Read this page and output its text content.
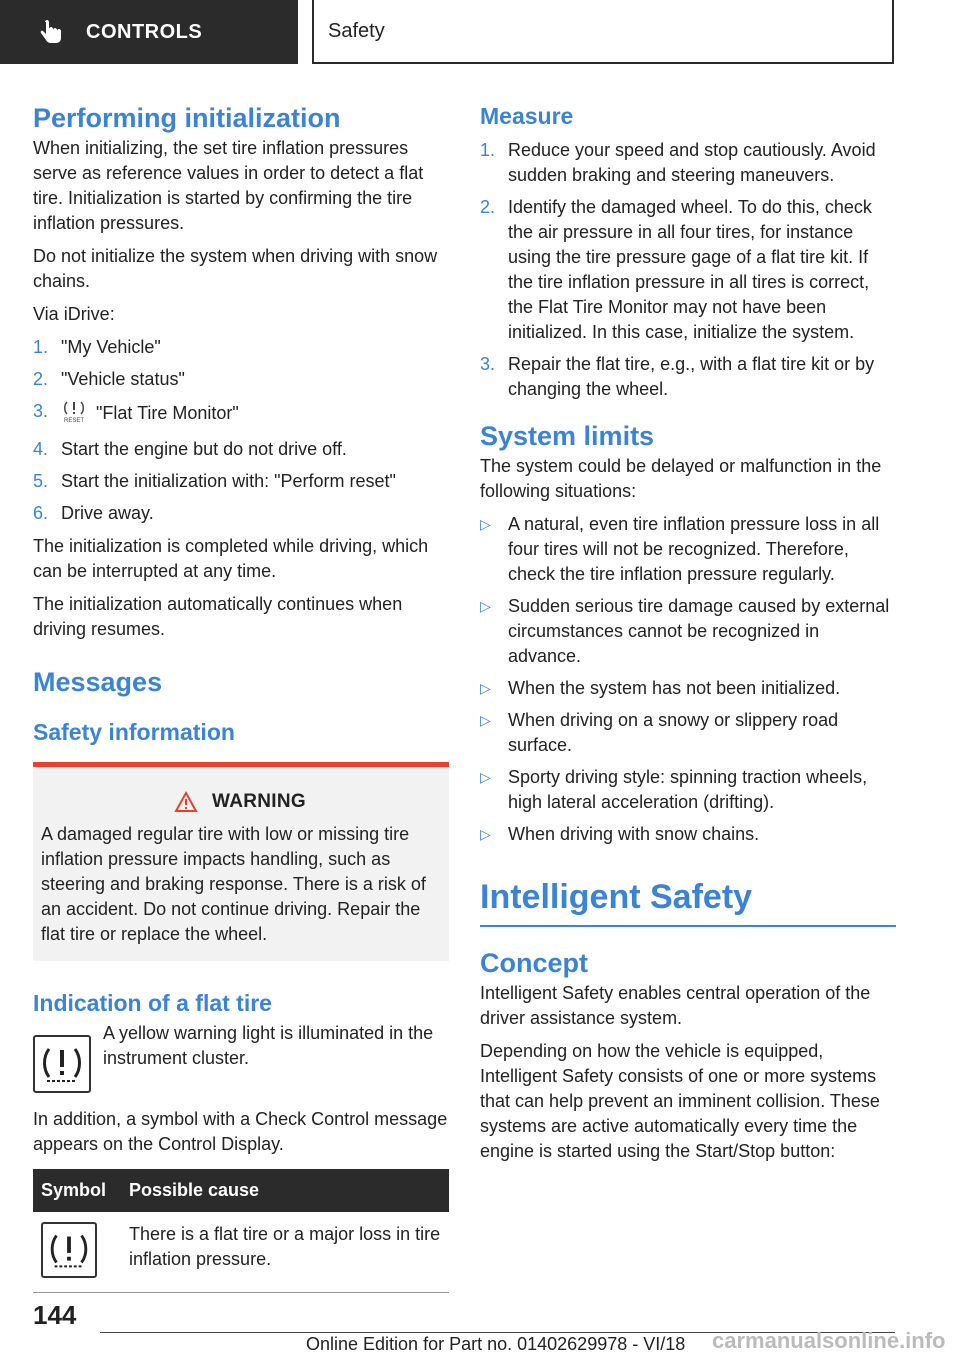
CONTROLS	Safety
Performing initialization

When initializing, the set tire inflation pressures serve as reference values in order to detect a flat tire. Initialization is started by confirming the tire inflation pressures.

Do not initialize the system when driving with snow chains.

Via iDrive:

1. "My Vehicle"
2. "Vehicle status"
3.	RESET "Flat Tire Monitor"
4. Start the engine but do not drive off.
5. Start the initialization with: "Perform reset"
6. Drive away.

The initialization is completed while driving, which can be interrupted at any time.

The initialization automatically continues when driving resumes.

Messages
Safety information
WARNING
A damaged regular tire with low or missing tire inflation pressure impacts handling, such as steering and braking response. There is a risk of an accident. Do not continue driving. Repair the flat tire or replace the wheel.
Indication of a flat tire

A yellow warning light is illuminated in the instrument cluster.

In addition, a symbol with a Check Control message appears on the Control Display.

Symbol	Possible cause

	There is a flat tire or a major loss in tire inflation pressure.
Measure
1. Reduce your speed and stop cautiously. Avoid sudden braking and steering maneuvers.
2. Identify the damaged wheel. To do this, check the air pressure in all four tires, for instance using the tire pressure gage of a flat tire kit. If the tire inflation pressure in all tires is correct, the Flat Tire Monitor may not have been initialized. In this case, initialize the system.
3. Repair the flat tire, e.g., with a flat tire kit or by changing the wheel.
System limits

The system could be delayed or malfunction in the following situations:

▷ A natural, even tire inflation pressure loss in all four tires will not be recognized. Therefore, check the tire inflation pressure regularly.
▷ Sudden serious tire damage caused by external circumstances cannot be recognized in advance.
▷ When the system has not been initialized.
▷ When driving on a snowy or slippery road surface.
▷ Sporty driving style: spinning traction wheels, high lateral acceleration (drifting).
▷ When driving with snow chains.
Intelligent Safety
Concept

Intelligent Safety enables central operation of the driver assistance system.

Depending on how the vehicle is equipped, Intelligent Safety consists of one or more systems that can help prevent an imminent collision. These systems are active automatically every time the engine is started using the Start/Stop button:

144
Online Edition for Part no. 01402629978 - VI/18 carmanualsonline.info
